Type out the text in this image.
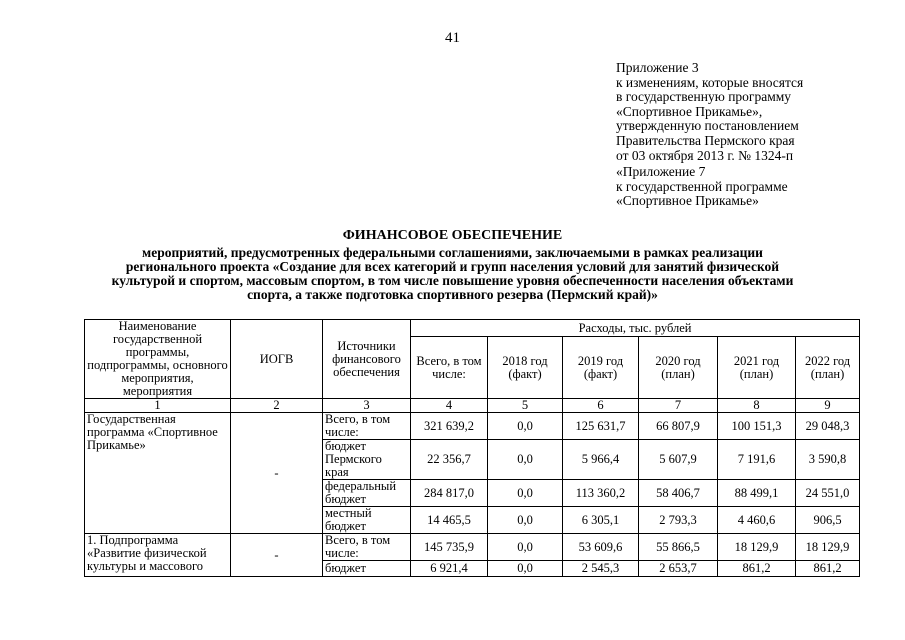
41
Приложение 3
к изменениям, которые вносятся
в государственную программу
«Спортивное Прикамье»,
утвержденную постановлением
Правительства Пермского края
от 03 октября 2013 г. № 1324-п
«Приложение 7
к государственной программе
«Спортивное Прикамье»
ФИНАНСОВОЕ ОБЕСПЕЧЕНИЕ
мероприятий, предусмотренных федеральными соглашениями, заключаемыми в рамках реализации
регионального проекта «Создание для всех категорий и групп населения условий для занятий физической
культурой и спортом, массовым спортом, в том числе повышение уровня обеспеченности населения объектами
спорта, а также подготовка спортивного резерва (Пермский край)»
Наименование государственной программы, подпрограммы, основного мероприятия, мероприятия	ИОГВ	Источники финансового обеспечения	Расходы, тыс. рублей					
			Всего, в том числе:	2018 год (факт)	2019 год (факт)	2020 год (план)	2021 год (план)	2022 год (план)
1	2	3	4	5	6	7	8	9
Государственная программа «Спортивное Прикамье»	-	Всего, в том числе:	321 639,2	0,0	125 631,7	66 807,9	100 151,3	29 048,3
		бюджет Пермского края	22 356,7	0,0	5 966,4	5 607,9	7 191,6	3 590,8
		федеральный бюджет	284 817,0	0,0	113 360,2	58 406,7	88 499,1	24 551,0
		местный бюджет	14 465,5	0,0	6 305,1	2 793,3	4 460,6	906,5
1. Подпрограмма «Развитие физической культуры и массового	-	Всего, в том числе:	145 735,9	0,0	53 609,6	55 866,5	18 129,9	18 129,9
		бюджет	6 921,4	0,0	2 545,3	2 653,7	861,2	861,2
